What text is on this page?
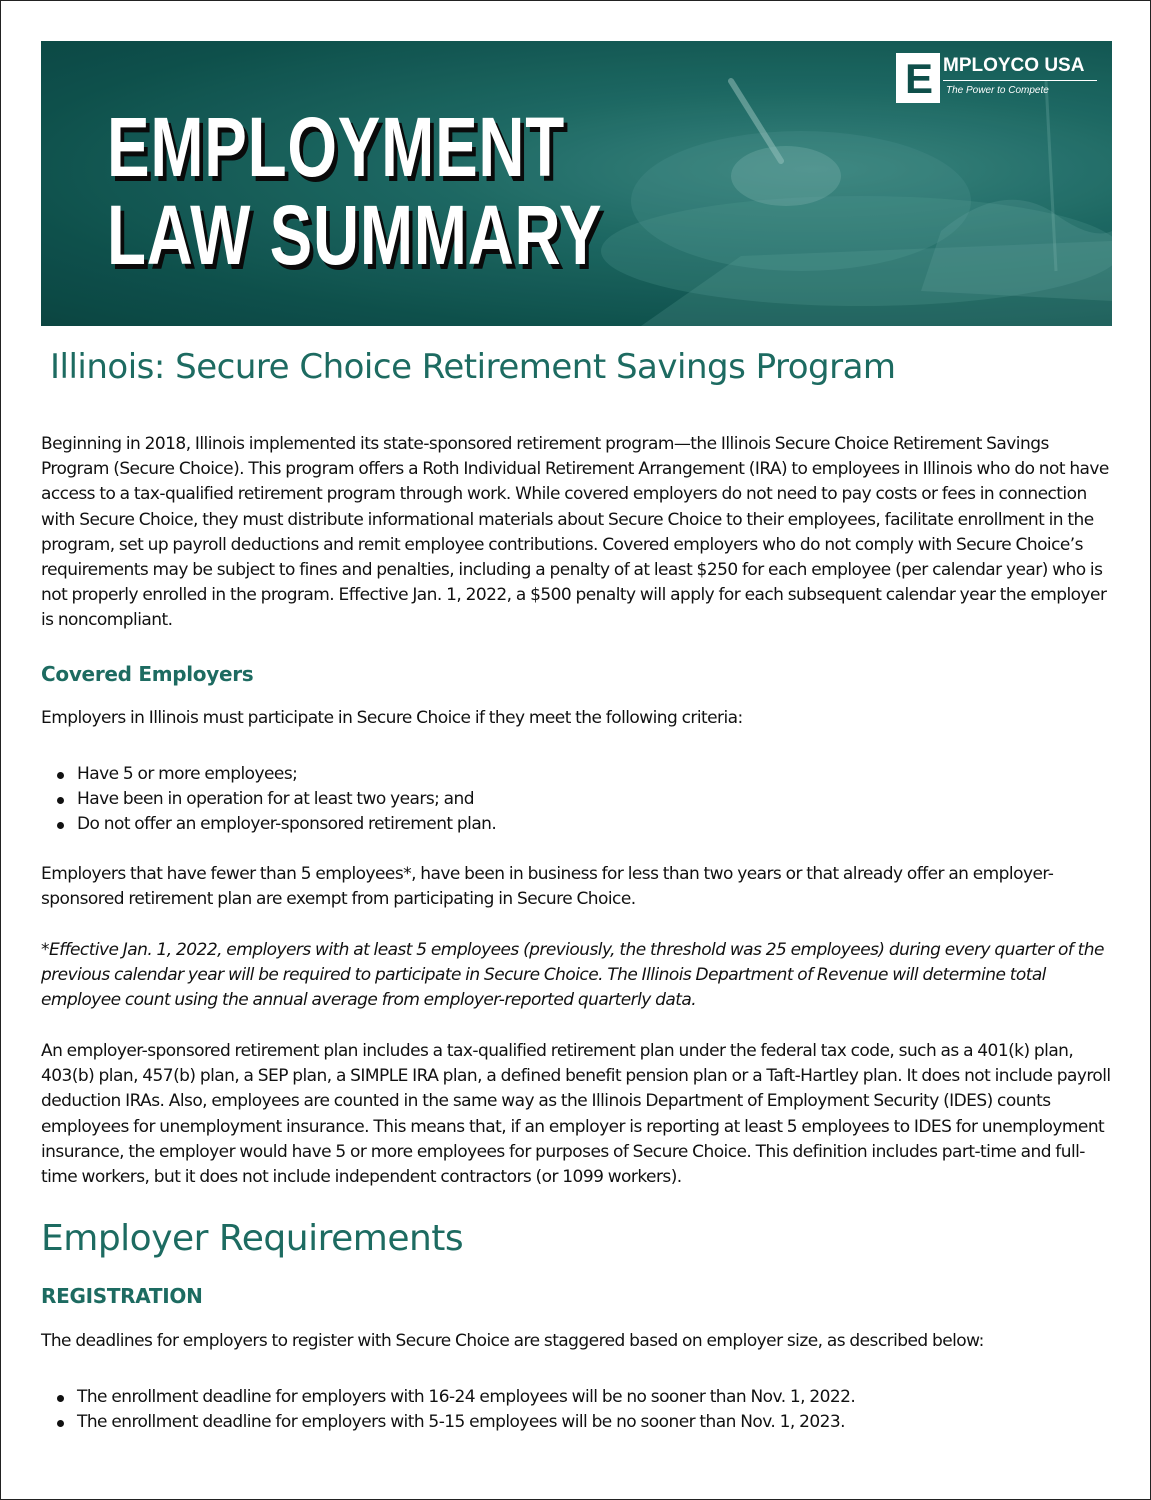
EMPLOYMENT
LAW SUMMARY
E MPLOYCO USA
The Power to Compete
Illinois: Secure Choice Retirement Savings Program

Beginning in 2018, Illinois implemented its state-sponsored retirement program—the Illinois Secure Choice Retirement Savings Program (Secure Choice). This program offers a Roth Individual Retirement Arrangement (IRA) to employees in Illinois who do not have access to a tax-qualified retirement program through work. While covered employers do not need to pay costs or fees in connection with Secure Choice, they must distribute informational materials about Secure Choice to their employees, facilitate enrollment in the program, set up payroll deductions and remit employee contributions. Covered employers who do not comply with Secure Choice’s requirements may be subject to fines and penalties, including a penalty of at least $250 for each employee (per calendar year) who is not properly enrolled in the program. Effective Jan. 1, 2022, a $500 penalty will apply for each subsequent calendar year the employer is noncompliant.

Covered Employers

Employers in Illinois must participate in Secure Choice if they meet the following criteria:

Have 5 or more employees;
Have been in operation for at least two years; and
Do not offer an employer-sponsored retirement plan.

Employers that have fewer than 5 employees*, have been in business for less than two years or that already offer an employer-sponsored retirement plan are exempt from participating in Secure Choice.

*Effective Jan. 1, 2022, employers with at least 5 employees (previously, the threshold was 25 employees) during every quarter of the previous calendar year will be required to participate in Secure Choice. The Illinois Department of Revenue will determine total employee count using the annual average from employer-reported quarterly data.

An employer-sponsored retirement plan includes a tax-qualified retirement plan under the federal tax code, such as a 401(k) plan, 403(b) plan, 457(b) plan, a SEP plan, a SIMPLE IRA plan, a defined benefit pension plan or a Taft-Hartley plan. It does not include payroll deduction IRAs. Also, employees are counted in the same way as the Illinois Department of Employment Security (IDES) counts employees for unemployment insurance. This means that, if an employer is reporting at least 5 employees to IDES for unemployment insurance, the employer would have 5 or more employees for purposes of Secure Choice. This definition includes part-time and full-time workers, but it does not include independent contractors (or 1099 workers).

Employer Requirements
REGISTRATION

The deadlines for employers to register with Secure Choice are staggered based on employer size, as described below:

The enrollment deadline for employers with 16-24 employees will be no sooner than Nov. 1, 2022.
The enrollment deadline for employers with 5-15 employees will be no sooner than Nov. 1, 2023.
